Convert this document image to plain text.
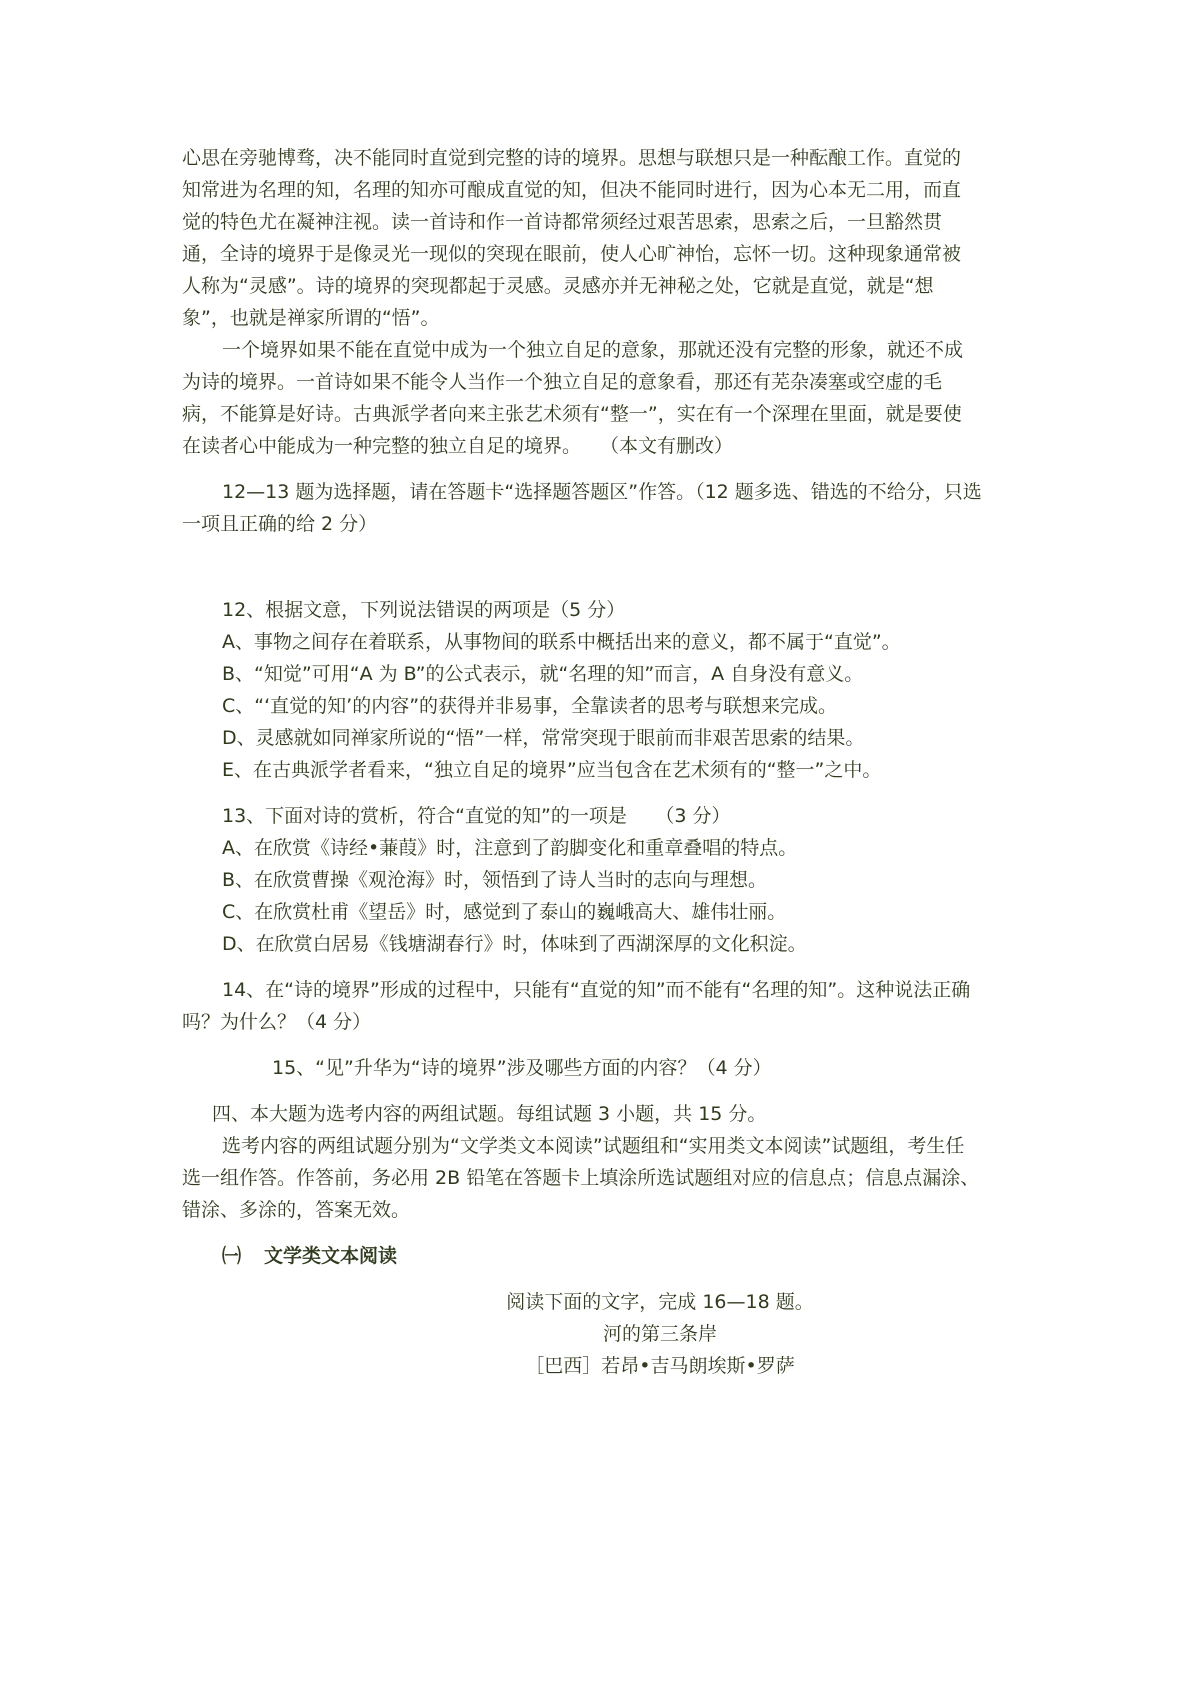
心思在旁驰博骛，决不能同时直觉到完整的诗的境界。思想与联想只是一种酝酿工作。直觉的
知常进为名理的知，名理的知亦可酿成直觉的知，但决不能同时进行，因为心本无二用，而直
觉的特色尤在凝神注视。读一首诗和作一首诗都常须经过艰苦思索，思索之后，一旦豁然贯
通，全诗的境界于是像灵光一现似的突现在眼前，使人心旷神怡，忘怀一切。这种现象通常被
人称为“灵感”。诗的境界的突现都起于灵感。灵感亦并无神秘之处，它就是直觉，就是“想
象”，也就是禅家所谓的“悟”。
一个境界如果不能在直觉中成为一个独立自足的意象，那就还没有完整的形象，就还不成
为诗的境界。一首诗如果不能令人当作一个独立自足的意象看，那还有芜杂凑塞或空虚的毛
病，不能算是好诗。古典派学者向来主张艺术须有“整一”，实在有一个深理在里面，就是要使
在读者心中能成为一种完整的独立自足的境界。　　（本文有删改）
12—13 题为选择题，请在答题卡“选择题答题区”作答。（12 题多选、错选的不给分，只选
一项且正确的给 2 分）
12、根据文意，下列说法错误的两项是（5 分）
A、事物之间存在着联系，从事物间的联系中概括出来的意义，都不属于“直觉”。
B、“知觉”可用“A 为 B”的公式表示，就“名理的知”而言，A 自身没有意义。
C、“‘直觉的知’的内容”的获得并非易事，全靠读者的思考与联想来完成。
D、灵感就如同禅家所说的“悟”一样，常常突现于眼前而非艰苦思索的结果。
E、在古典派学者看来，“独立自足的境界”应当包含在艺术须有的“整一”之中。
13、下面对诗的赏析，符合“直觉的知”的一项是　　（3 分）
A、在欣赏《诗经•蒹葭》时，注意到了韵脚变化和重章叠唱的特点。
B、在欣赏曹操《观沧海》时，领悟到了诗人当时的志向与理想。
C、在欣赏杜甫《望岳》时，感觉到了泰山的巍峨高大、雄伟壮丽。
D、在欣赏白居易《钱塘湖春行》时，体味到了西湖深厚的文化积淀。
14、在“诗的境界”形成的过程中，只能有“直觉的知”而不能有“名理的知”。这种说法正确
吗？为什么？（4 分）
15、“见”升华为“诗的境界”涉及哪些方面的内容？（4 分）
四、本大题为选考内容的两组试题。每组试题 3 小题，共 15 分。
选考内容的两组试题分别为“文学类文本阅读”试题组和“实用类文本阅读”试题组，考生任
选一组作答。作答前，务必用 2B 铅笔在答题卡上填涂所选试题组对应的信息点；信息点漏涂、
错涂、多涂的，答案无效。
㈠ 文学类文本阅读
阅读下面的文字，完成 16—18 题。
河的第三条岸
［巴西］若昂•吉马朗埃斯•罗萨
